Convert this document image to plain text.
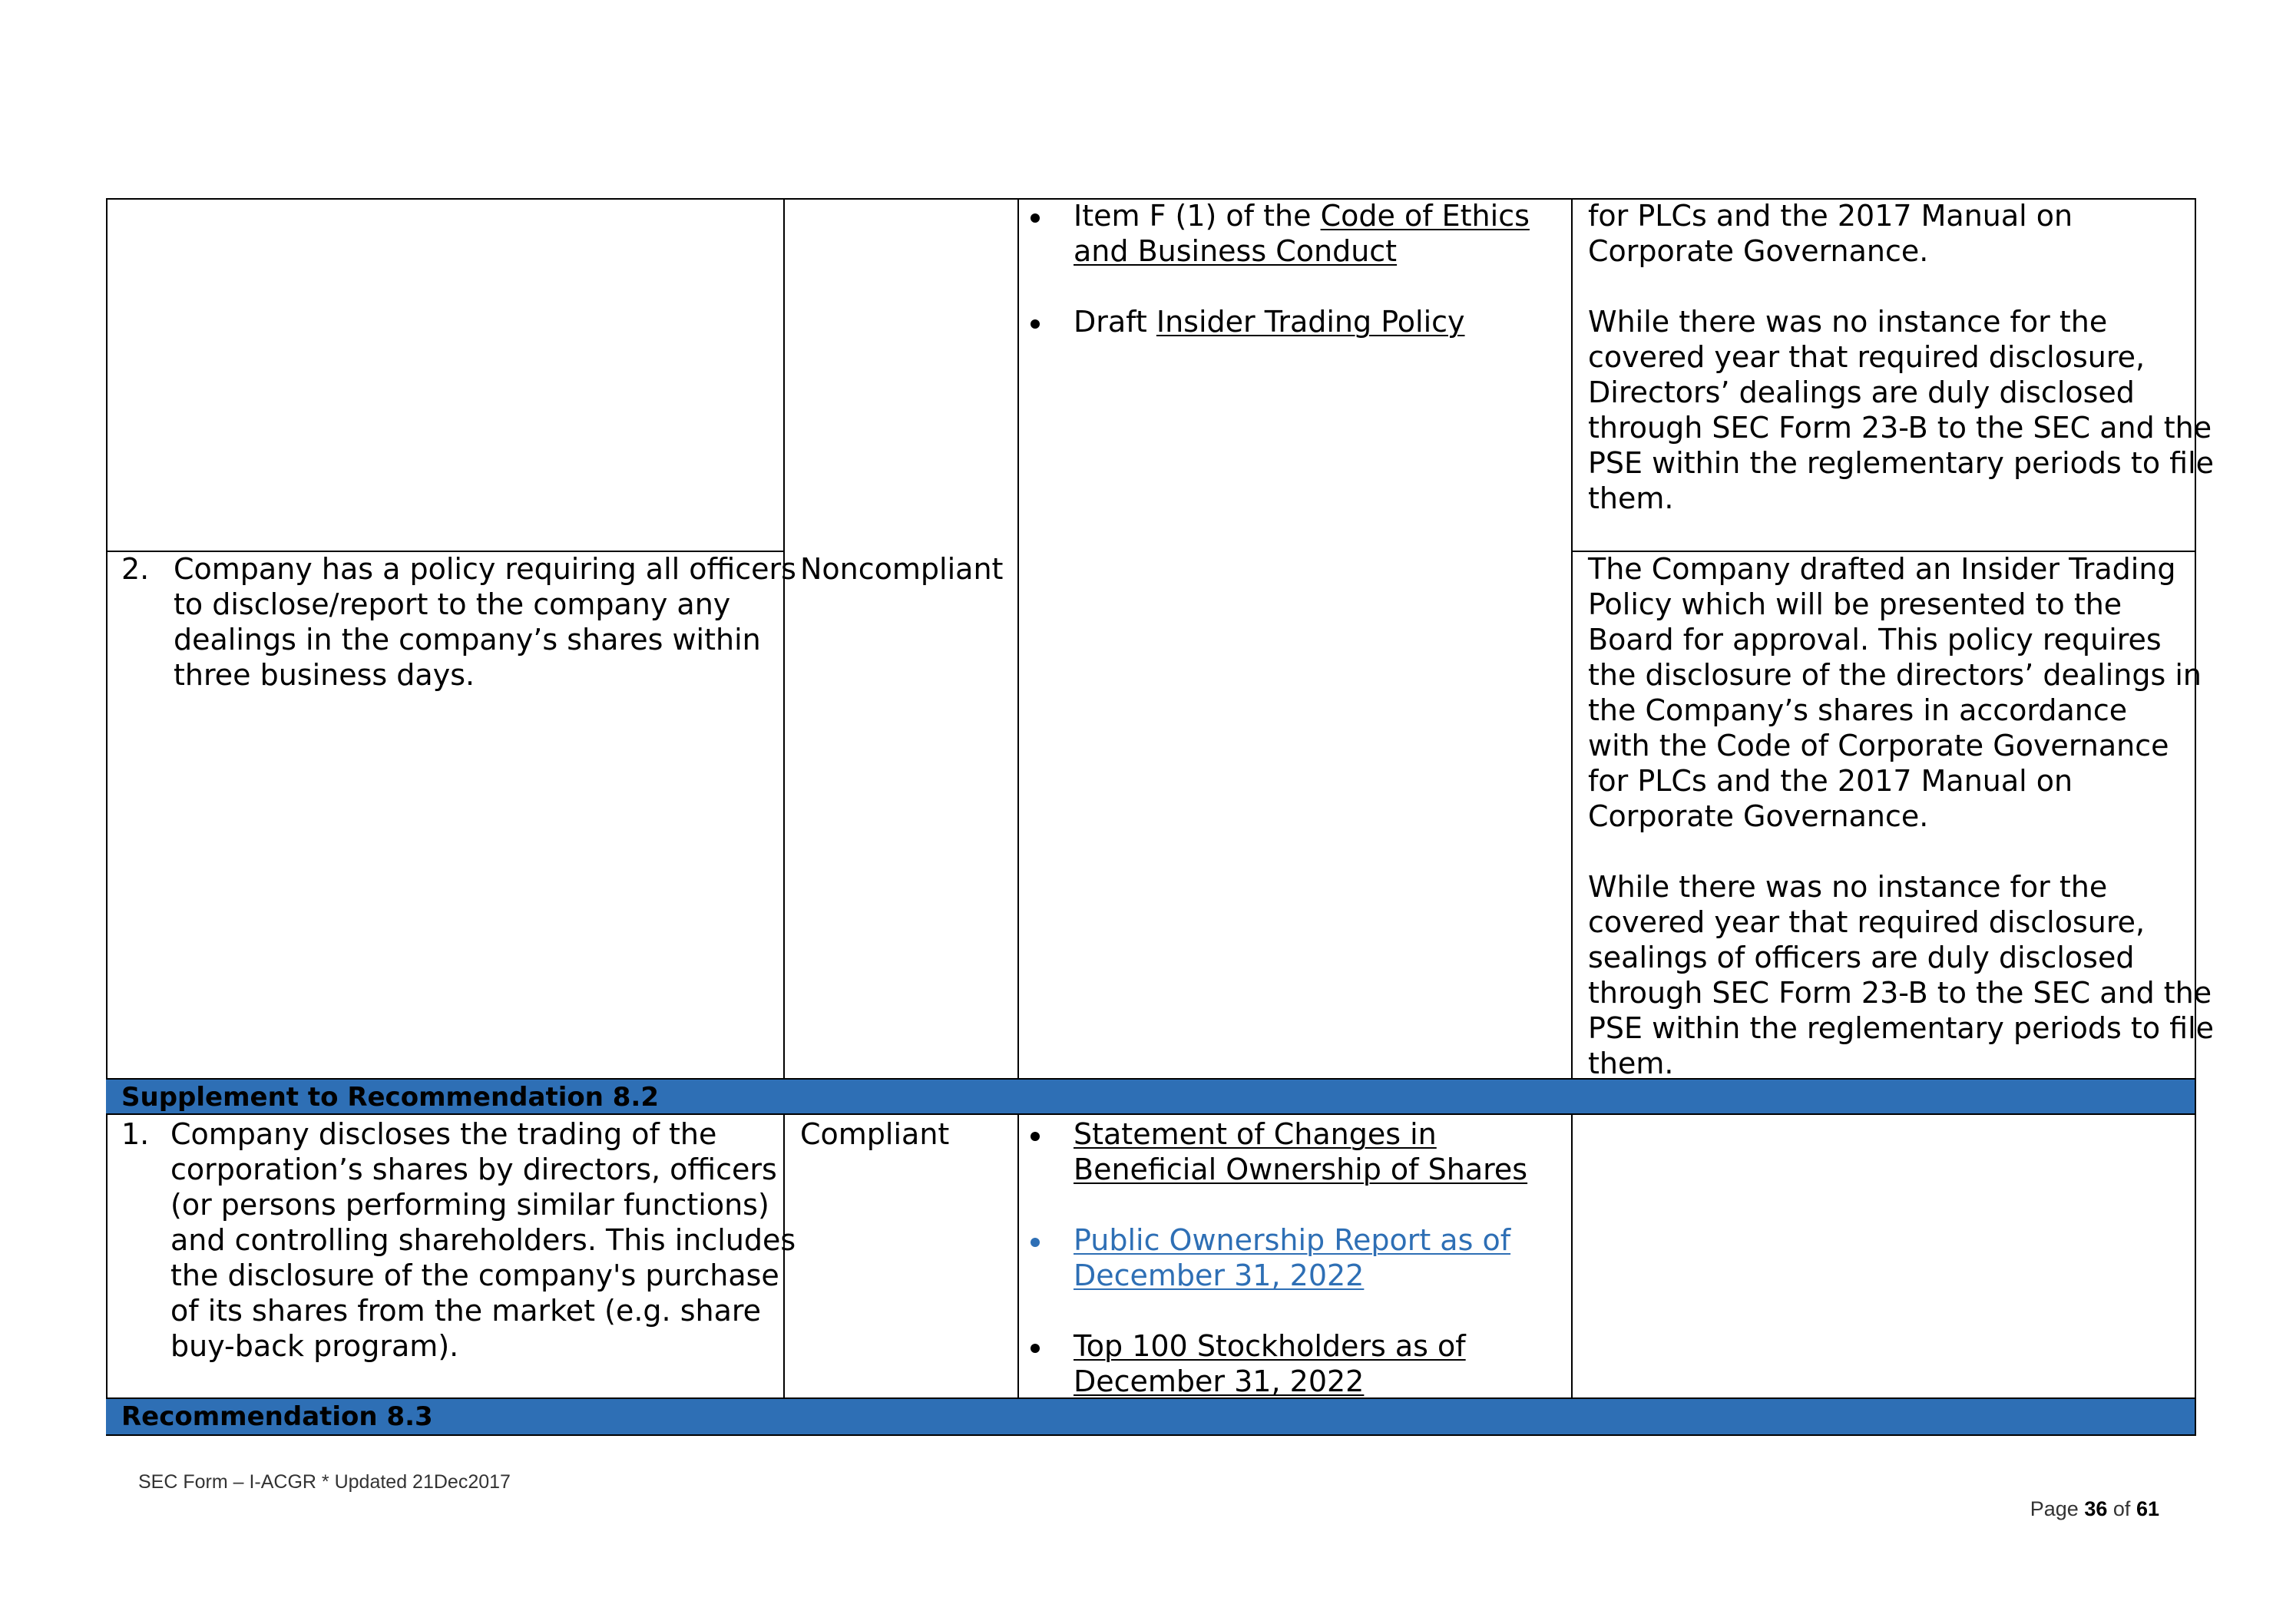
Supplement to Recommendation 8.2
Recommendation 8.3
Item F (1) of the Code of Ethics
and Business Conduct
Draft Insider Trading Policy
for PLCs and the 2017 Manual on
Corporate Governance.
While there was no instance for the
covered year that required disclosure,
Directors’ dealings are duly disclosed
through SEC Form 23-B to the SEC and the
PSE within the reglementary periods to file
them.
2. Company has a policy requiring all officers
to disclose/report to the company any
dealings in the company’s shares within
three business days.
Noncompliant	The Company drafted an Insider Trading
Policy which will be presented to the
Board for approval. This policy requires
the disclosure of the directors’ dealings in
the Company’s shares in accordance
with the Code of Corporate Governance
for PLCs and the 2017 Manual on
Corporate Governance.
While there was no instance for the
covered year that required disclosure,
sealings of officers are duly disclosed
through SEC Form 23-B to the SEC and the
PSE within the reglementary periods to file
them.
1. Company discloses the trading of the
corporation’s shares by directors, officers
(or persons performing similar functions)
and controlling shareholders. This includes
the disclosure of the company's purchase
of its shares from the market (e.g. share
buy-back program).
Compliant	Statement of Changes in
Beneficial Ownership of Shares
Public Ownership Report as of
December 31, 2022
Top 100 Stockholders as of
December 31, 2022
SEC Form – I-ACGR * Updated 21Dec2017
Page 36 of 61
